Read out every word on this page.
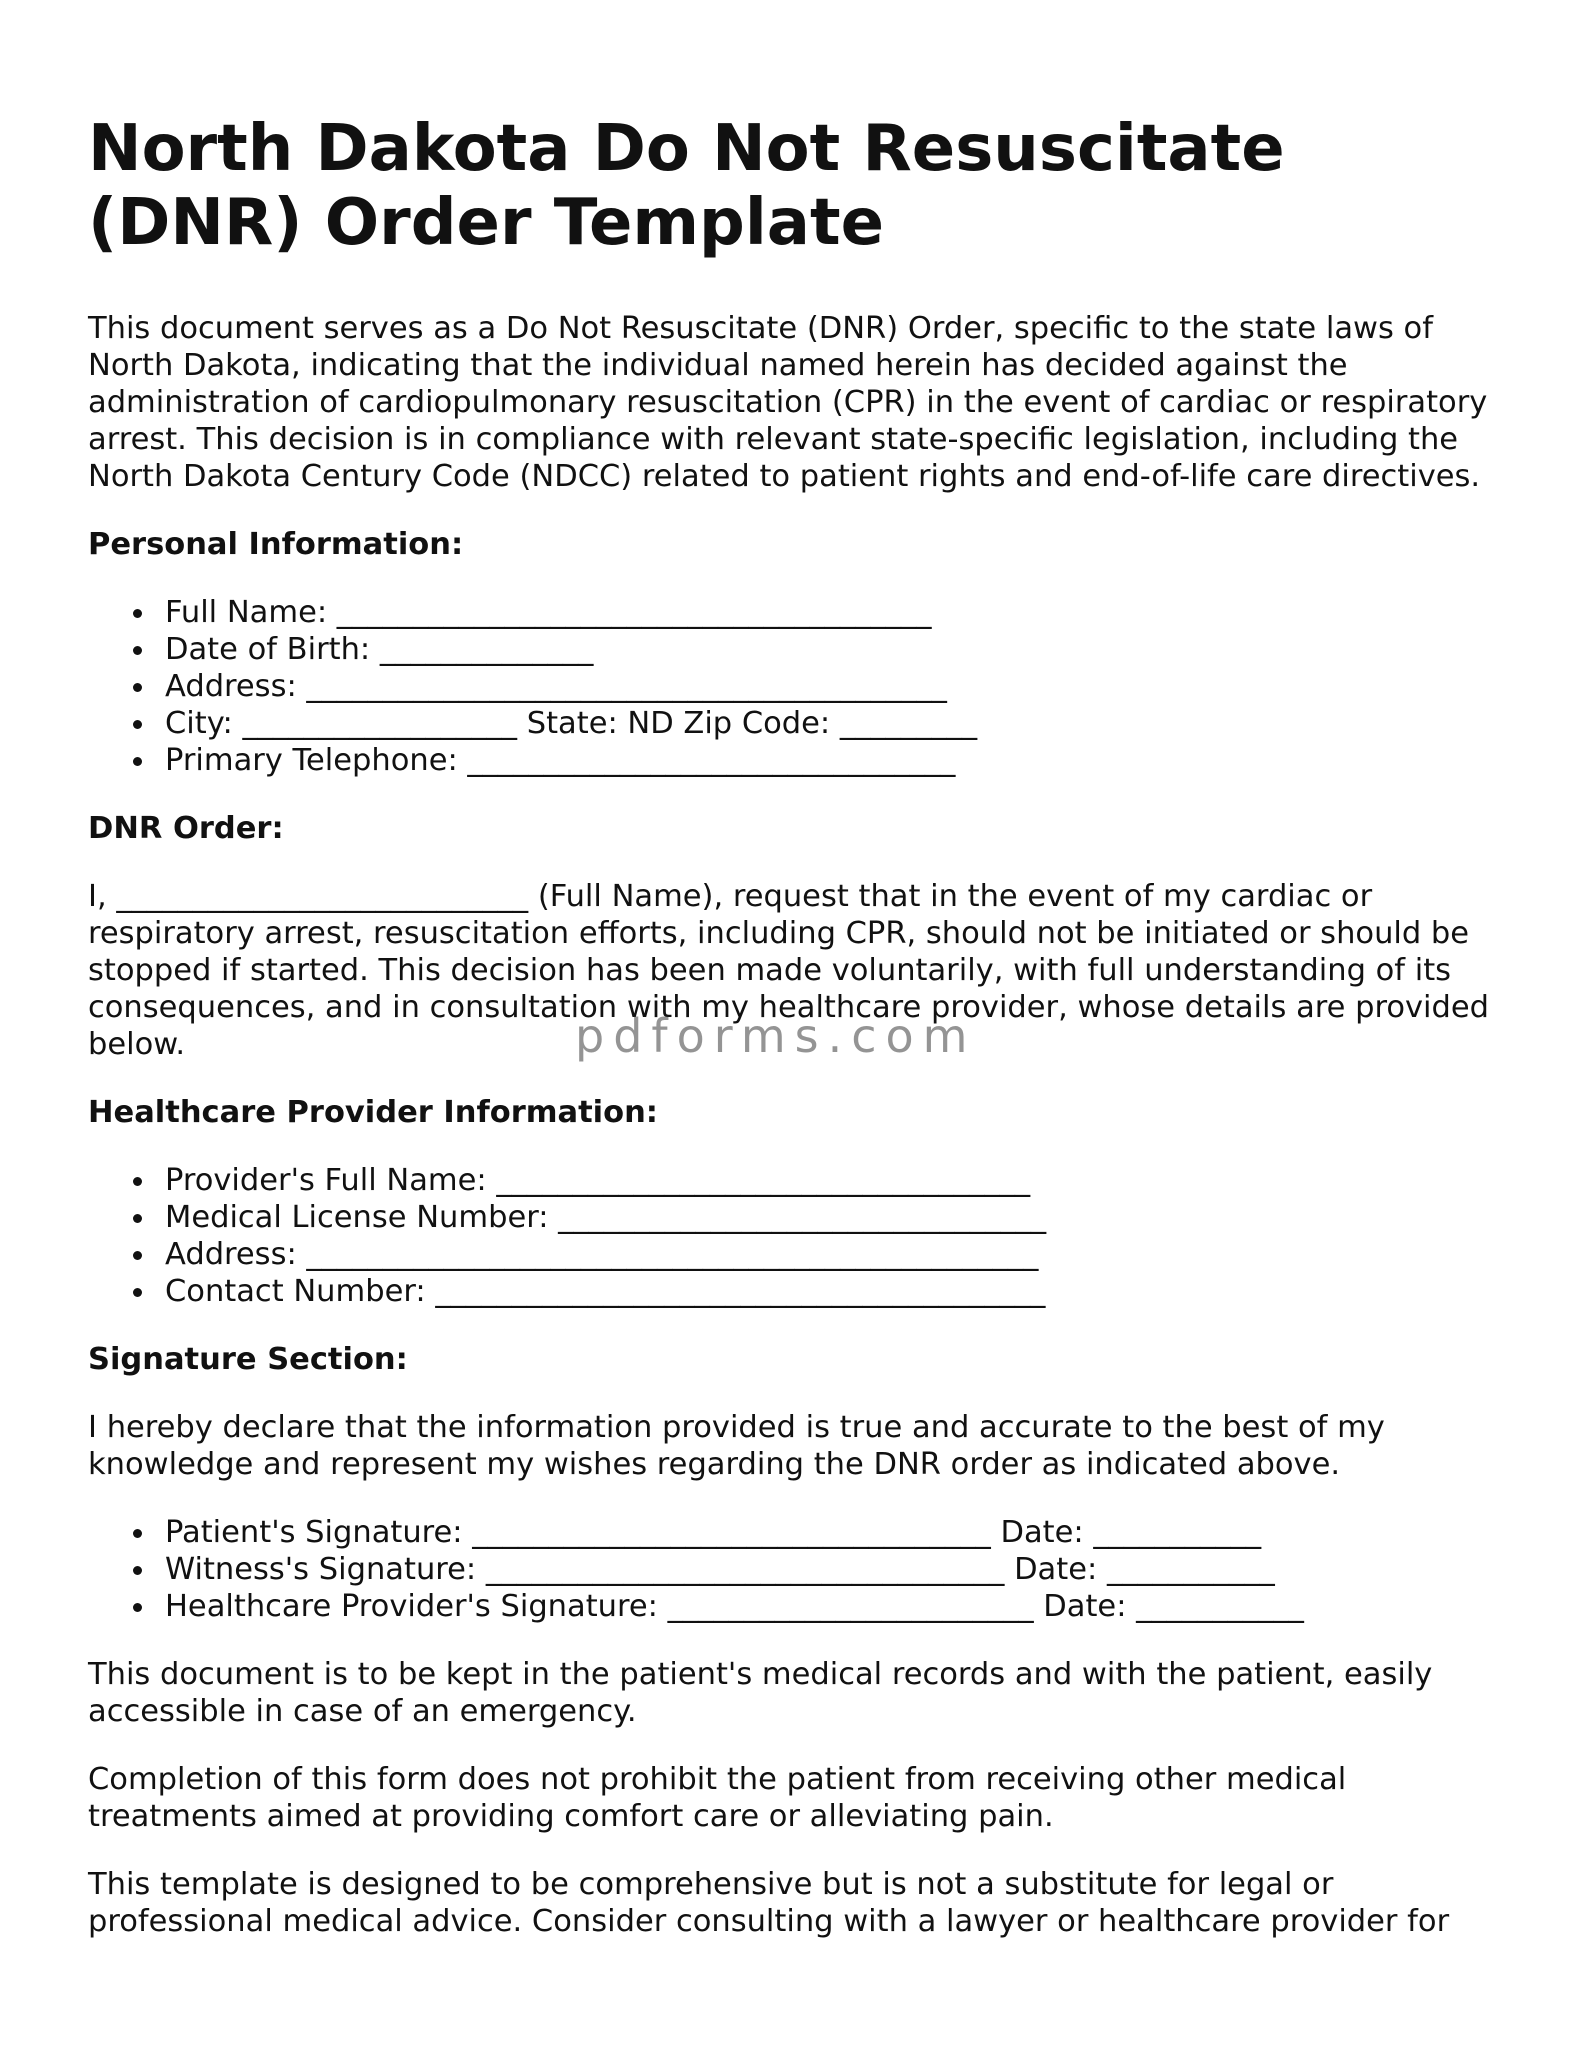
North Dakota Do Not Resuscitate (DNR) Order Template

This document serves as a Do Not Resuscitate (DNR) Order, specific to the state laws of North Dakota, indicating that the individual named herein has decided against the administration of cardiopulmonary resuscitation (CPR) in the event of cardiac or respiratory arrest. This decision is in compliance with relevant state-specific legislation, including the North Dakota Century Code (NDCC) related to patient rights and end-of-life care directives.

Personal Information:
Full Name: _______________________________________
Date of Birth: ______________
Address: __________________________________________
City: __________________ State: ND Zip Code: _________
Primary Telephone: ________________________________
DNR Order:

I, ___________________________ (Full Name), request that in the event of my cardiac or respiratory arrest, resuscitation efforts, including CPR, should not be initiated or should be stopped if started. This decision has been made voluntarily, with full understanding of its consequences, and in consultation with my healthcare provider, whose details are provided below.

Healthcare Provider Information:
Provider's Full Name: ___________________________________
Medical License Number: ________________________________
Address: ________________________________________________
Contact Number: ________________________________________
Signature Section:

I hereby declare that the information provided is true and accurate to the best of my knowledge and represent my wishes regarding the DNR order as indicated above.

Patient's Signature: __________________________________ Date: ___________
Witness's Signature: __________________________________ Date: ___________
Healthcare Provider's Signature: ________________________ Date: ___________

This document is to be kept in the patient's medical records and with the patient, easily accessible in case of an emergency.

Completion of this form does not prohibit the patient from receiving other medical treatments aimed at providing comfort care or alleviating pain.

This template is designed to be comprehensive but is not a substitute for legal or professional medical advice. Consider consulting with a lawyer or healthcare provider for

pdforms.com
